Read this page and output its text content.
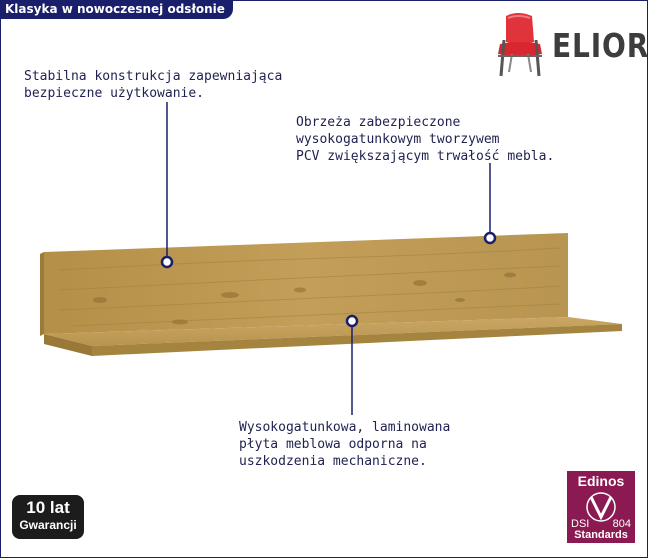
Klasyka w nowoczesnej odsłonie
ELIOR
Stabilna konstrukcja zapewniająca
bezpieczne użytkowanie.
Obrzeża zabezpieczone
wysokogatunkowym tworzywem
PCV zwiększającym trwałość mebla.
Wysokogatunkowa, laminowana
płyta meblowa odporna na
uszkodzenia mechaniczne.
10 lat
Gwarancji
Edinos
DSI 804
Standards
